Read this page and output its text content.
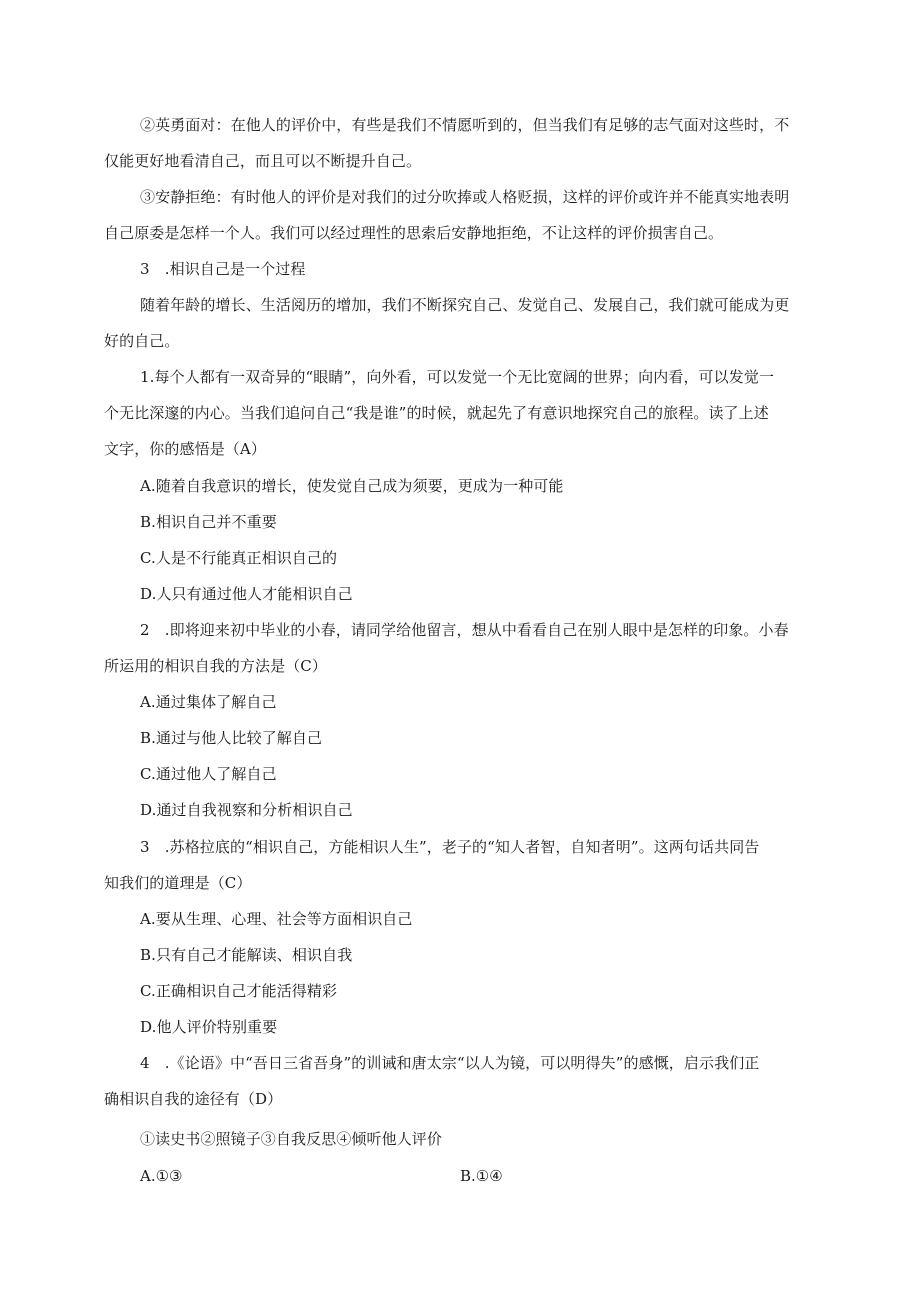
②英勇面对：在他人的评价中，有些是我们不情愿听到的，但当我们有足够的志气面对这些时，不
仅能更好地看清自己，而且可以不断提升自己。
③安静拒绝：有时他人的评价是对我们的过分吹捧或人格贬损，这样的评价或许并不能真实地表明
自己原委是怎样一个人。我们可以经过理性的思索后安静地拒绝，不让这样的评价损害自己。
3　.相识自己是一个过程
随着年龄的增长、生活阅历的增加，我们不断探究自己、发觉自己、发展自己，我们就可能成为更
好的自己。
1.每个人都有一双奇异的“眼睛”，向外看，可以发觉一个无比宽阔的世界；向内看，可以发觉一
个无比深邃的内心。当我们追问自己“我是谁”的时候，就起先了有意识地探究自己的旅程。读了上述
文字，你的感悟是（A）
A.随着自我意识的增长，使发觉自己成为须要，更成为一种可能
B.相识自己并不重要
C.人是不行能真正相识自己的
D.人只有通过他人才能相识自己
2　.即将迎来初中毕业的小春，请同学给他留言，想从中看看自己在别人眼中是怎样的印象。小春
所运用的相识自我的方法是（C）
A.通过集体了解自己
B.通过与他人比较了解自己
C.通过他人了解自己
D.通过自我视察和分析相识自己
3　.苏格拉底的“相识自己，方能相识人生”，老子的“知人者智，自知者明”。这两句话共同告
知我们的道理是（C）
A.要从生理、心理、社会等方面相识自己
B.只有自己才能解读、相识自我
C.正确相识自己才能活得精彩
D.他人评价特别重要
4　.《论语》中“吾日三省吾身”的训诫和唐太宗“以人为镜，可以明得失”的感慨，启示我们正
确相识自我的途径有（D）
①读史书②照镜子③自我反思④倾听他人评价
A.①③	B.①④
